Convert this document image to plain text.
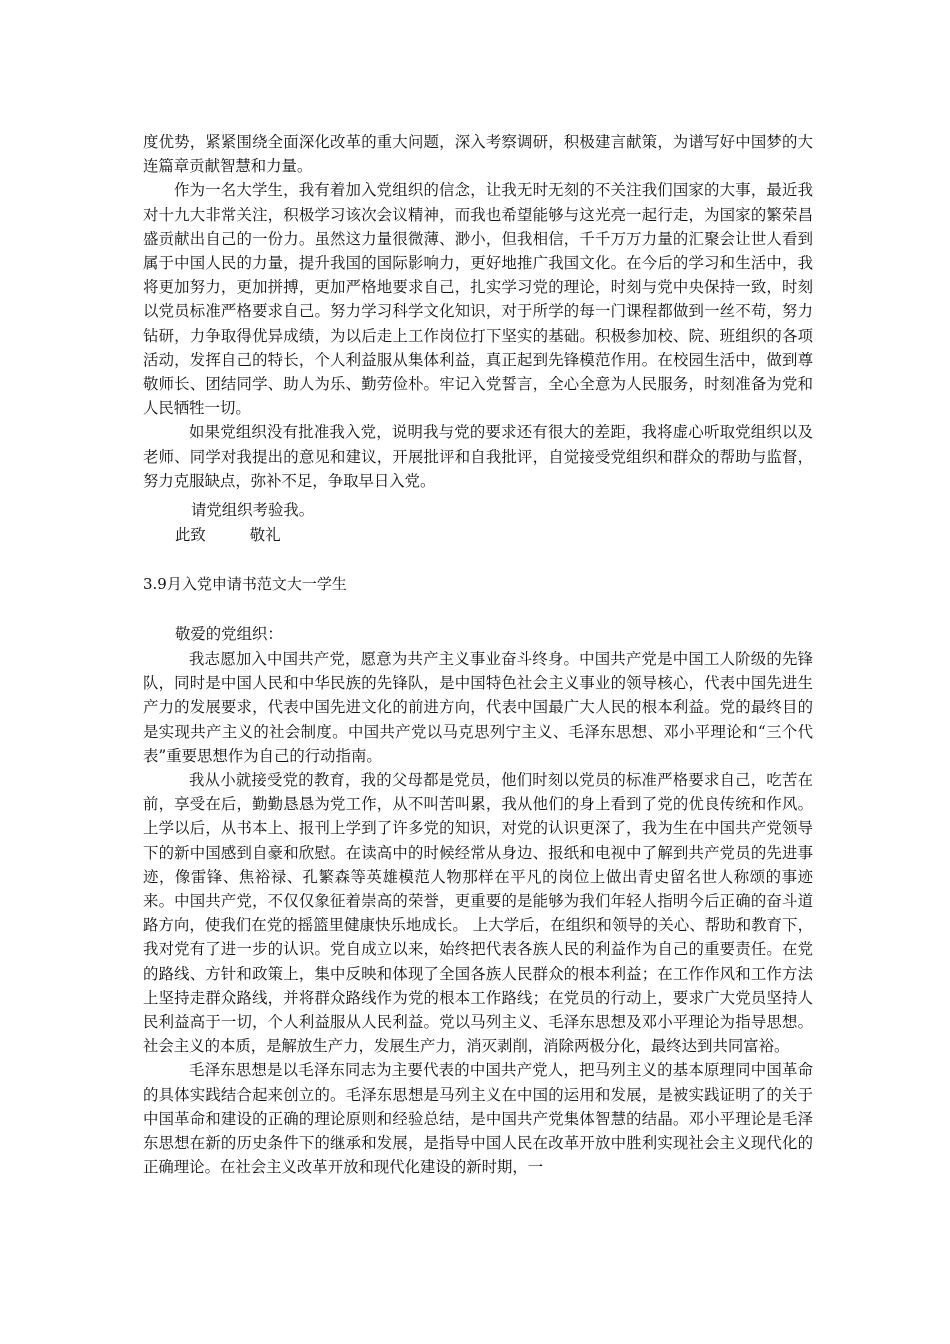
度优势，紧紧围绕全面深化改革的重大问题，深入考察调研，积极建言献策，为谱写好中国梦的大连篇章贡献智慧和力量。

作为一名大学生，我有着加入党组织的信念，让我无时无刻的不关注我们国家的大事，最近我对十九大非常关注，积极学习该次会议精神，而我也希望能够与这光亮一起行走，为国家的繁荣昌盛贡献出自己的一份力。虽然这力量很微薄、渺小，但我相信，千千万万力量的汇聚会让世人看到属于中国人民的力量，提升我国的国际影响力，更好地推广我国文化。在今后的学习和生活中，我将更加努力，更加拼搏，更加严格地要求自己，扎实学习党的理论，时刻与党中央保持一致，时刻以党员标准严格要求自己。努力学习科学文化知识，对于所学的每一门课程都做到一丝不苟，努力钻研，力争取得优异成绩，为以后走上工作岗位打下坚实的基础。积极参加校、院、班组织的各项活动，发挥自己的特长，个人利益服从集体利益，真正起到先锋模范作用。在校园生活中，做到尊敬师长、团结同学、助人为乐、勤劳俭朴。牢记入党誓言，全心全意为人民服务，时刻准备为党和人民牺牲一切。

如果党组织没有批准我入党，说明我与党的要求还有很大的差距，我将虚心听取党组织以及老师、同学对我提出的意见和建议，开展批评和自我批评，自觉接受党组织和群众的帮助与监督，努力克服缺点，弥补不足，争取早日入党。

请党组织考验我。
此致	敬礼
3.9月入党申请书范文大一学生
敬爱的党组织：

我志愿加入中国共产党，愿意为共产主义事业奋斗终身。中国共产党是中国工人阶级的先锋队，同时是中国人民和中华民族的先锋队，是中国特色社会主义事业的领导核心，代表中国先进生产力的发展要求，代表中国先进文化的前进方向，代表中国最广大人民的根本利益。党的最终目的是实现共产主义的社会制度。中国共产党以马克思列宁主义、毛泽东思想、邓小平理论和“三个代表”重要思想作为自己的行动指南。

我从小就接受党的教育，我的父母都是党员，他们时刻以党员的标准严格要求自己，吃苦在前，享受在后，勤勤恳恳为党工作，从不叫苦叫累，我从他们的身上看到了党的优良传统和作风。上学以后，从书本上、报刊上学到了许多党的知识，对党的认识更深了，我为生在中国共产党领导下的新中国感到自豪和欣慰。在读高中的时候经常从身边、报纸和电视中了解到共产党员的先进事迹，像雷锋、焦裕禄、孔繁森等英雄模范人物那样在平凡的岗位上做出青史留名世人称颂的事迹来。中国共产党，不仅仅象征着崇高的荣誉，更重要的是能够为我们年轻人指明今后正确的奋斗道路方向，使我们在党的摇篮里健康快乐地成长。 上大学后，在组织和领导的关心、帮助和教育下，我对党有了进一步的认识。党自成立以来，始终把代表各族人民的利益作为自己的重要责任。在党的路线、方针和政策上，集中反映和体现了全国各族人民群众的根本利益；在工作作风和工作方法上坚持走群众路线，并将群众路线作为党的根本工作路线；在党员的行动上，要求广大党员坚持人民利益高于一切，个人利益服从人民利益。党以马列主义、毛泽东思想及邓小平理论为指导思想。社会主义的本质，是解放生产力，发展生产力，消灭剥削，消除两极分化，最终达到共同富裕。

毛泽东思想是以毛泽东同志为主要代表的中国共产党人，把马列主义的基本原理同中国革命的具体实践结合起来创立的。毛泽东思想是马列主义在中国的运用和发展，是被实践证明了的关于中国革命和建设的正确的理论原则和经验总结，是中国共产党集体智慧的结晶。邓小平理论是毛泽东思想在新的历史条件下的继承和发展，是指导中国人民在改革开放中胜利实现社会主义现代化的正确理论。在社会主义改革开放和现代化建设的新时期，一
